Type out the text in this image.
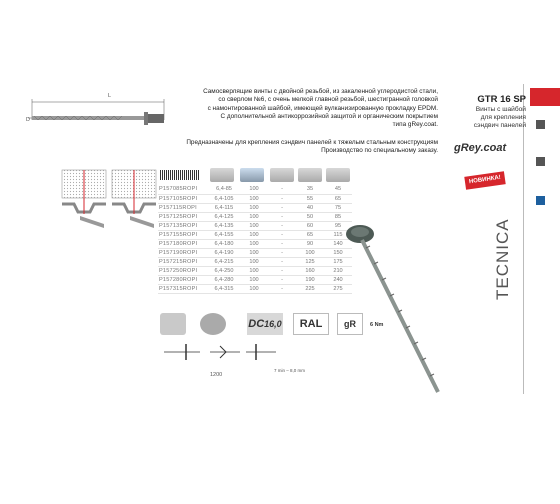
L
D
Самосверлящие винты с двойной резьбой, из закаленной углеродистой стали,
со сверлом №6, с очень мелкой главной резьбой, шестигранной головкой
с намонтированной шайбой, имеющей вулканизированную прокладку EPDM.
С дополнительной антикоррозийной защитой и органическим покрытием
типа gRey.coat.
Предназначены для крепления сэндвич панелей к тяжелым стальным конструкциям
Производство по специальному заказу.
GTR 16 SP
Винты с шайбой
для крепления
сэндвич панелей
gRey.coat
НОВИНКА!
TECNICA
P157085ROPI	6,4-85	100	-	35	45
P157105ROPI	6,4-105	100	-	55	65
P157115ROPI	6,4-115	100	-	40	75
P157125ROPI	6,4-125	100	-	50	85
P157135ROPI	6,4-135	100	-	60	95
P157155ROPI	6,4-155	100	-	65	115
P157180ROPI	6,4-180	100	-	90	140
P157190ROPI	6,4-190	100	-	100	150
P157215ROPI	6,4-215	100	-	125	175
P157250ROPI	6,4-250	100	-	160	210
P157280ROPI	6,4-280	100	-	190	240
P157315ROPI	6,4-315	100	-	225	275
DC16,0	RAL	gR	6 Nm
1200
7 min – 8,0 mm
